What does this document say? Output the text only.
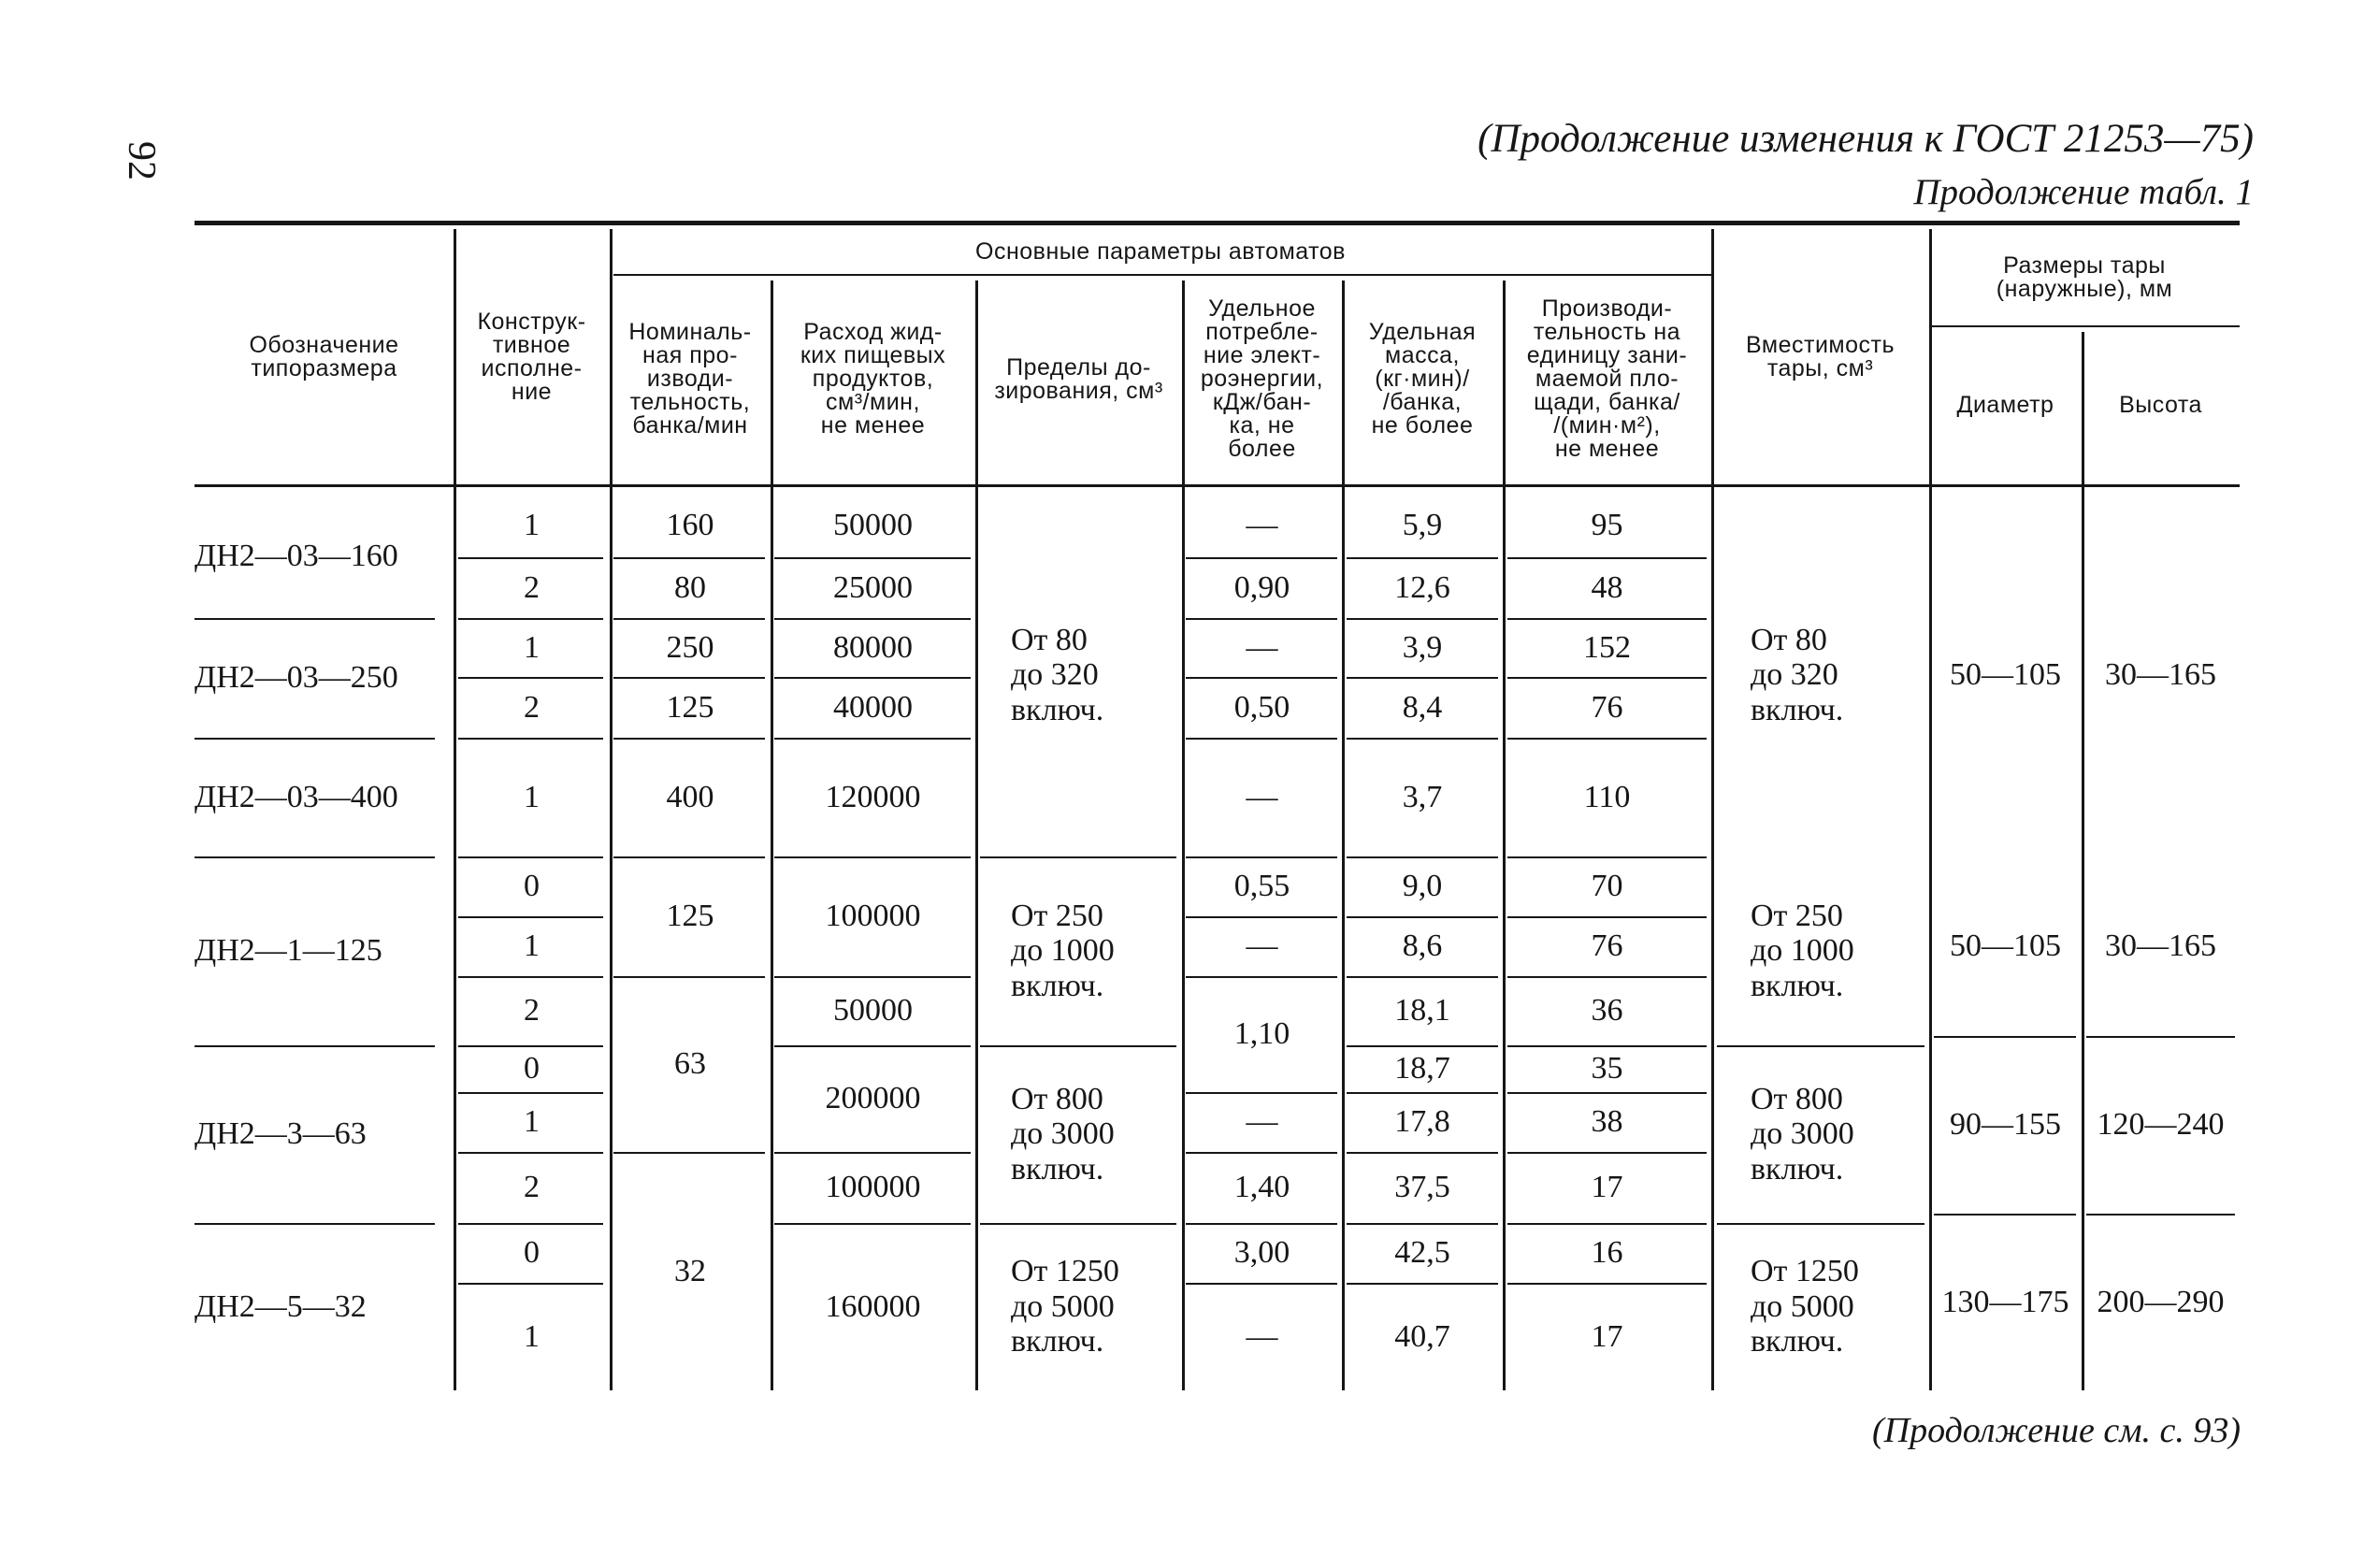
92	(Продолжение изменения к ГОСТ 21253—75)
Продолжение табл. 1
Обозначение
типоразмера
Конструк-
тивное
исполне-
ние
Основные параметры автоматов
Номиналь-
ная про-
изводи-
тельность,
банка/мин
Расход жид-
ких пищевых
продуктов,
см³/мин,
не менее
Пределы до-
зирования, см³
Удельное
потребле-
ние элект-
роэнергии,
кДж/бан-
ка, не
более
Удельная
масса,
(кг·мин)/
/банка,
не более
Производи-
тельность на
единицу зани-
маемой пло-
щади, банка/
/(мин·м²),
не менее
Вместимость
тары, см³
Размеры тары
(наружные), мм
Диаметр	Высота
ДН2—03—160
ДН2—03—250
ДН2—03—400
ДН2—1—125
ДН2—3—63
ДН2—5—32
1
2
1
2
1
0
1
2
0
1
2
0
1
160
80
250
125
400
125
63
32
50000
25000
80000
40000
120000
100000
50000
200000
100000
160000
От 80
до 320
включ.
От 250
до 1000
включ.
От 800
до 3000
включ.
От 1250
до 5000
включ.
—
0,90
—
0,50
—
0,55
—
1,10
—
1,40
3,00
—
5,9
12,6
3,9
8,4
3,7
9,0
8,6
18,1
18,7
17,8
37,5
42,5
40,7
95
48
152
76
110
70
76
36
35
38
17
16
17
От 80
до 320
включ.
От 250
до 1000
включ.
От 800
до 3000
включ.
От 1250
до 5000
включ.
50—105
50—105
90—155
130—175
30—165
30—165
120—240
200—290
(Продолжение см. с. 93)
